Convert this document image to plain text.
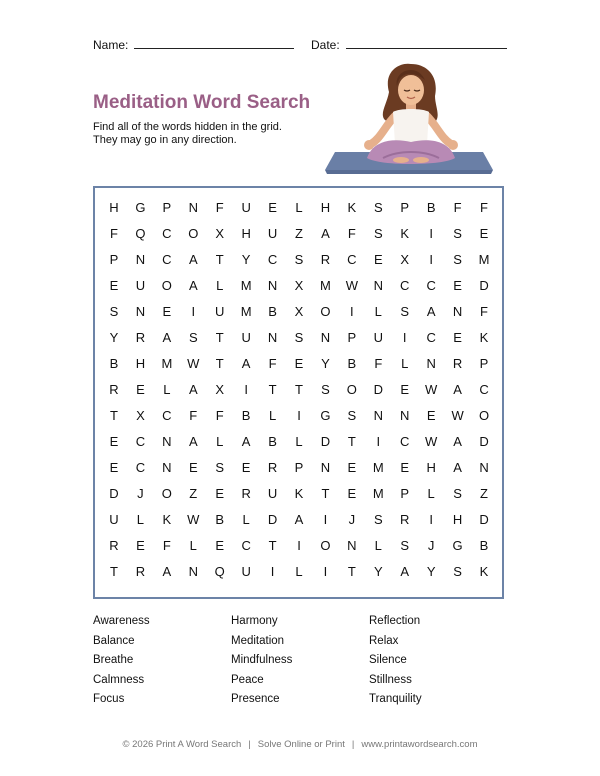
Name:	Date:
Meditation Word Search
Find all of the words hidden in the grid.
They may go in any direction.
H	G	P	N	F	U	E	L	H	K	S	P	B	F	F
F	Q	C	O	X	H	U	Z	A	F	S	K	I	S	E
P	N	C	A	T	Y	C	S	R	C	E	X	I	S	M
E	U	O	A	L	M	N	X	M	W	N	C	C	E	D
S	N	E	I	U	M	B	X	O	I	L	S	A	N	F
Y	R	A	S	T	U	N	S	N	P	U	I	C	E	K
B	H	M	W	T	A	F	E	Y	B	F	L	N	R	P
R	E	L	A	X	I	T	T	S	O	D	E	W	A	C
T	X	C	F	F	B	L	I	G	S	N	N	E	W	O
E	C	N	A	L	A	B	L	D	T	I	C	W	A	D
E	C	N	E	S	E	R	P	N	E	M	E	H	A	N
D	J	O	Z	E	R	U	K	T	E	M	P	L	S	Z
U	L	K	W	B	L	D	A	I	J	S	R	I	H	D
R	E	F	L	E	C	T	I	O	N	L	S	J	G	B
T	R	A	N	Q	U	I	L	I	T	Y	A	Y	S	K
Awareness
Balance
Breathe
Calmness
Focus
Harmony
Meditation
Mindfulness
Peace
Presence
Reflection
Relax
Silence
Stillness
Tranquility
© 2026 Print A Word Search | Solve Online or Print | www.printawordsearch.com
